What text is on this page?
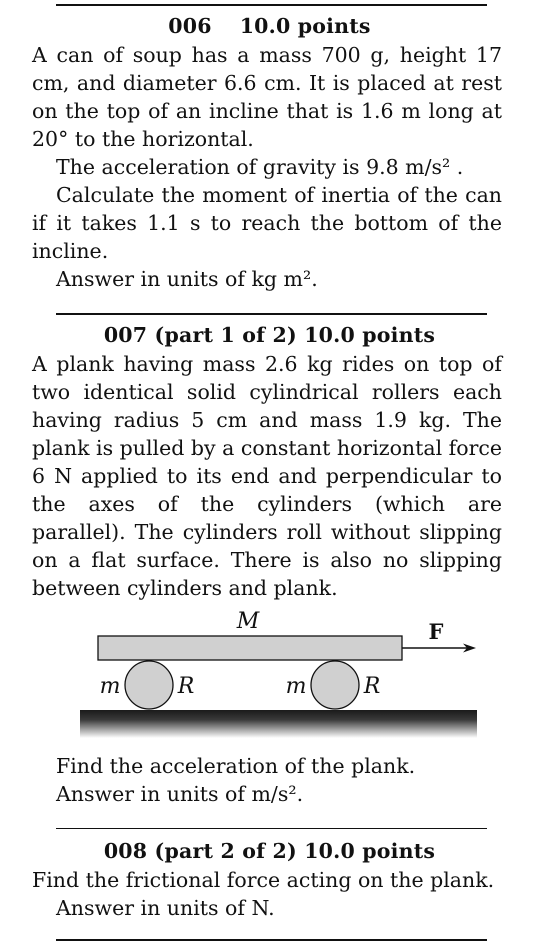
006 10.0 points
A can of soup has a mass 700 g, height 17 cm, and diameter 6.6 cm. It is placed at rest on the top of an incline that is 1.6 m long at 20° to the horizontal.
The acceleration of gravity is 9.8 m/s² .
Calculate the moment of inertia of the can if it takes 1.1 s to reach the bottom of the incline.
Answer in units of kg m².
007 (part 1 of 2) 10.0 points
A plank having mass 2.6 kg rides on top of two identical solid cylindrical rollers each having radius 5 cm and mass 1.9 kg. The plank is pulled by a constant horizontal force 6 N applied to its end and perpendicular to the axes of the cylinders (which are parallel). The cylinders roll without slipping on a flat surface. There is also no slipping between cylinders and plank.
M	F
m	R	m	R
Find the acceleration of the plank.
Answer in units of m/s².
008 (part 2 of 2) 10.0 points
Find the frictional force acting on the plank.
Answer in units of N.
